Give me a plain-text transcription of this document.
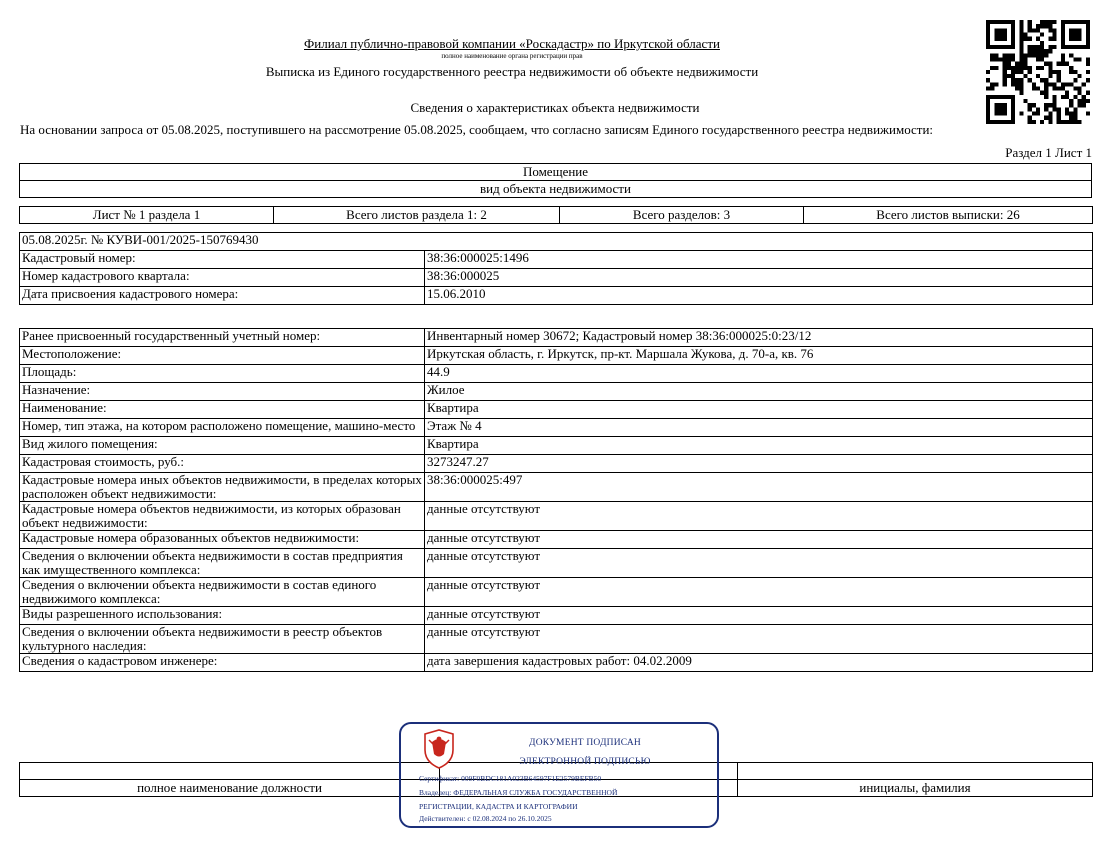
Филиал публично-правовой компании «Роскадастр» по Иркутской области
полное наименование органа регистрации прав
Выписка из Единого государственного реестра недвижимости об объекте недвижимости
Сведения о характеристиках объекта недвижимости
На основании запроса от 05.08.2025, поступившего на рассмотрение 05.08.2025, сообщаем, что согласно записям Единого государственного реестра недвижимости:
Раздел 1 Лист 1
Помещение
вид объекта недвижимости
Лист № 1 раздела 1	Всего листов раздела 1: 2	Всего разделов: 3	Всего листов выписки: 26
05.08.2025г. № КУВИ-001/2025-150769430	
Кадастровый номер:	38:36:000025:1496
Номер кадастрового квартала:	38:36:000025
Дата присвоения кадастрового номера:	15.06.2010
Ранее присвоенный государственный учетный номер:	Инвентарный номер 30672; Кадастровый номер 38:36:000025:0:23/12
Местоположение:	Иркутская область, г. Иркутск, пр-кт. Маршала Жукова, д. 70-а, кв. 76
Площадь:	44.9
Назначение:	Жилое
Наименование:	Квартира
Номер, тип этажа, на котором расположено помещение, машино-место	Этаж № 4
Вид жилого помещения:	Квартира
Кадастровая стоимость, руб.:	3273247.27
Кадастровые номера иных объектов недвижимости, в пределах которых расположен объект недвижимости:	38:36:000025:497
Кадастровые номера объектов недвижимости, из которых образован объект недвижимости:	данные отсутствуют
Кадастровые номера образованных объектов недвижимости:	данные отсутствуют
Сведения о включении объекта недвижимости в состав предприятия как имущественного комплекса:	данные отсутствуют
Сведения о включении объекта недвижимости в состав единого недвижимого комплекса:	данные отсутствуют
Виды разрешенного использования:	данные отсутствуют
Сведения о включении объекта недвижимости в реестр объектов культурного наследия:	данные отсутствуют
Сведения о кадастровом инженере:	дата завершения кадастровых работ: 04.02.2009

полное наименование должности		инициалы, фамилия
ДОКУМЕНТ ПОДПИСАН
ЭЛЕКТРОННОЙ ПОДПИСЬЮ
Сертификат: 009F0BDC181A023B64597F1E2579BEFB50
Владелец: ФЕДЕРАЛЬНАЯ СЛУЖБА ГОСУДАРСТВЕННОЙ
РЕГИСТРАЦИИ, КАДАСТРА И КАРТОГРАФИИ
Действителен: с 02.08.2024 по 26.10.2025
